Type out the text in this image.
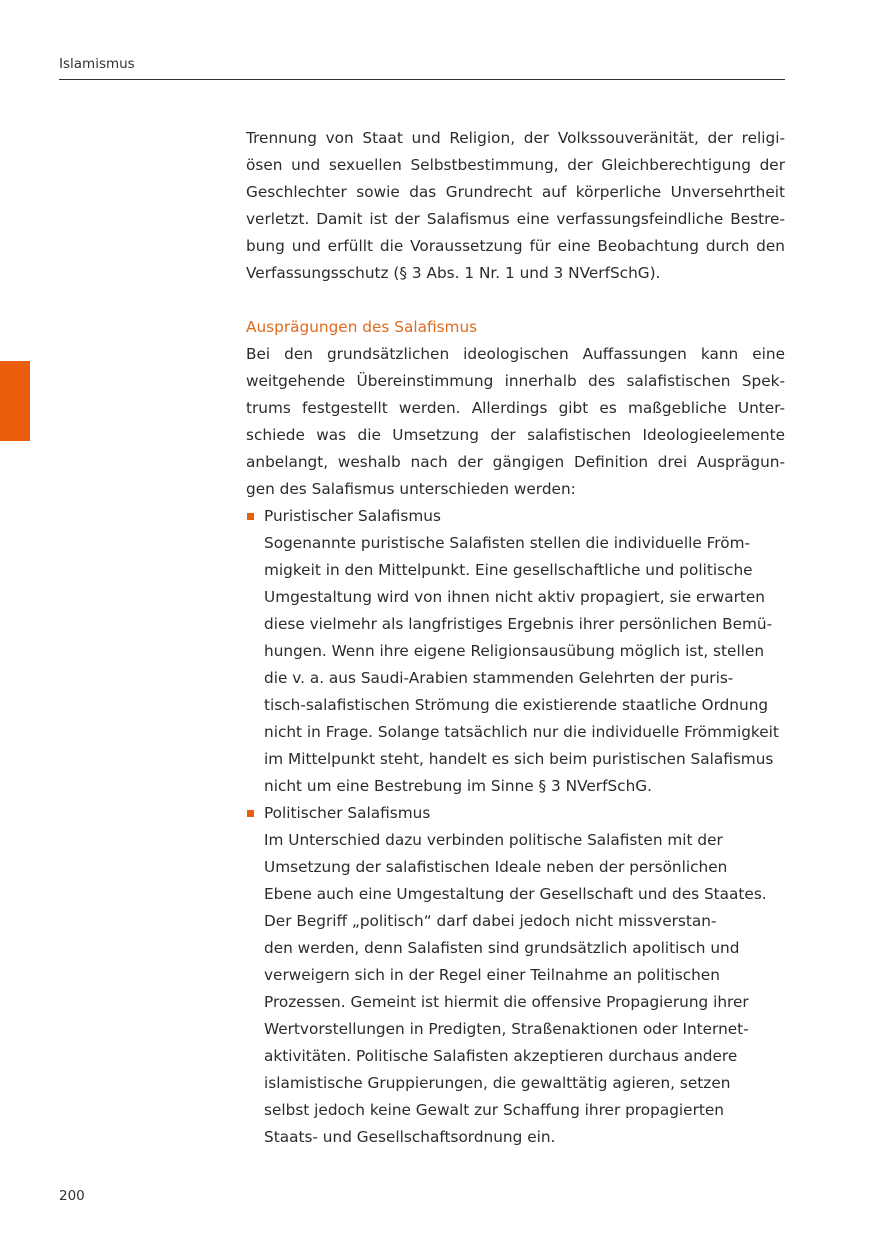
Islamismus
Trennung von Staat und Religion, der Volkssouveränität, der religi-
ösen und sexuellen Selbstbestimmung, der Gleichberechtigung der
Geschlechter sowie das Grundrecht auf körperliche Unversehrtheit
verletzt. Damit ist der Salafismus eine verfassungsfeindliche Bestre-
bung und erfüllt die Voraussetzung für eine Beobachtung durch den
Verfassungsschutz (§ 3 Abs. 1 Nr. 1 und 3 NVerfSchG).
Ausprägungen des Salafismus
Bei den grundsätzlichen ideologischen Auffassungen kann eine
weitgehende Übereinstimmung innerhalb des salafistischen Spek-
trums festgestellt werden. Allerdings gibt es maßgebliche Unter-
schiede was die Umsetzung der salafistischen Ideologieelemente
anbelangt, weshalb nach der gängigen Definition drei Ausprägun-
gen des Salafismus unterschieden werden:
Puristischer Salafismus
Sogenannte puristische Salafisten stellen die individuelle Fröm-
migkeit in den Mittelpunkt. Eine gesellschaftliche und politische
Umgestaltung wird von ihnen nicht aktiv propagiert, sie erwarten
diese vielmehr als langfristiges Ergebnis ihrer persönlichen Bemü-
hungen. Wenn ihre eigene Religionsausübung möglich ist, stellen
die v. a. aus Saudi-Arabien stammenden Gelehrten der puris-
tisch-salafistischen Strömung die existierende staatliche Ordnung
nicht in Frage. Solange tatsächlich nur die individuelle Frömmigkeit
im Mittelpunkt steht, handelt es sich beim puristischen Salafismus
nicht um eine Bestrebung im Sinne § 3 NVerfSchG.
Politischer Salafismus
Im Unterschied dazu verbinden politische Salafisten mit der
Umsetzung der salafistischen Ideale neben der persönlichen
Ebene auch eine Umgestaltung der Gesellschaft und des Staates.
Der Begriff „politisch“ darf dabei jedoch nicht missverstan-
den werden, denn Salafisten sind grundsätzlich apolitisch und
verweigern sich in der Regel einer Teilnahme an politischen
Prozessen. Gemeint ist hiermit die offensive Propagierung ihrer
Wertvorstellungen in Predigten, Straßenaktionen oder Internet-
aktivitäten. Politische Salafisten akzeptieren durchaus andere
islamistische Gruppierungen, die gewalttätig agieren, setzen
selbst jedoch keine Gewalt zur Schaffung ihrer propagierten
Staats- und Gesellschaftsordnung ein.
200
